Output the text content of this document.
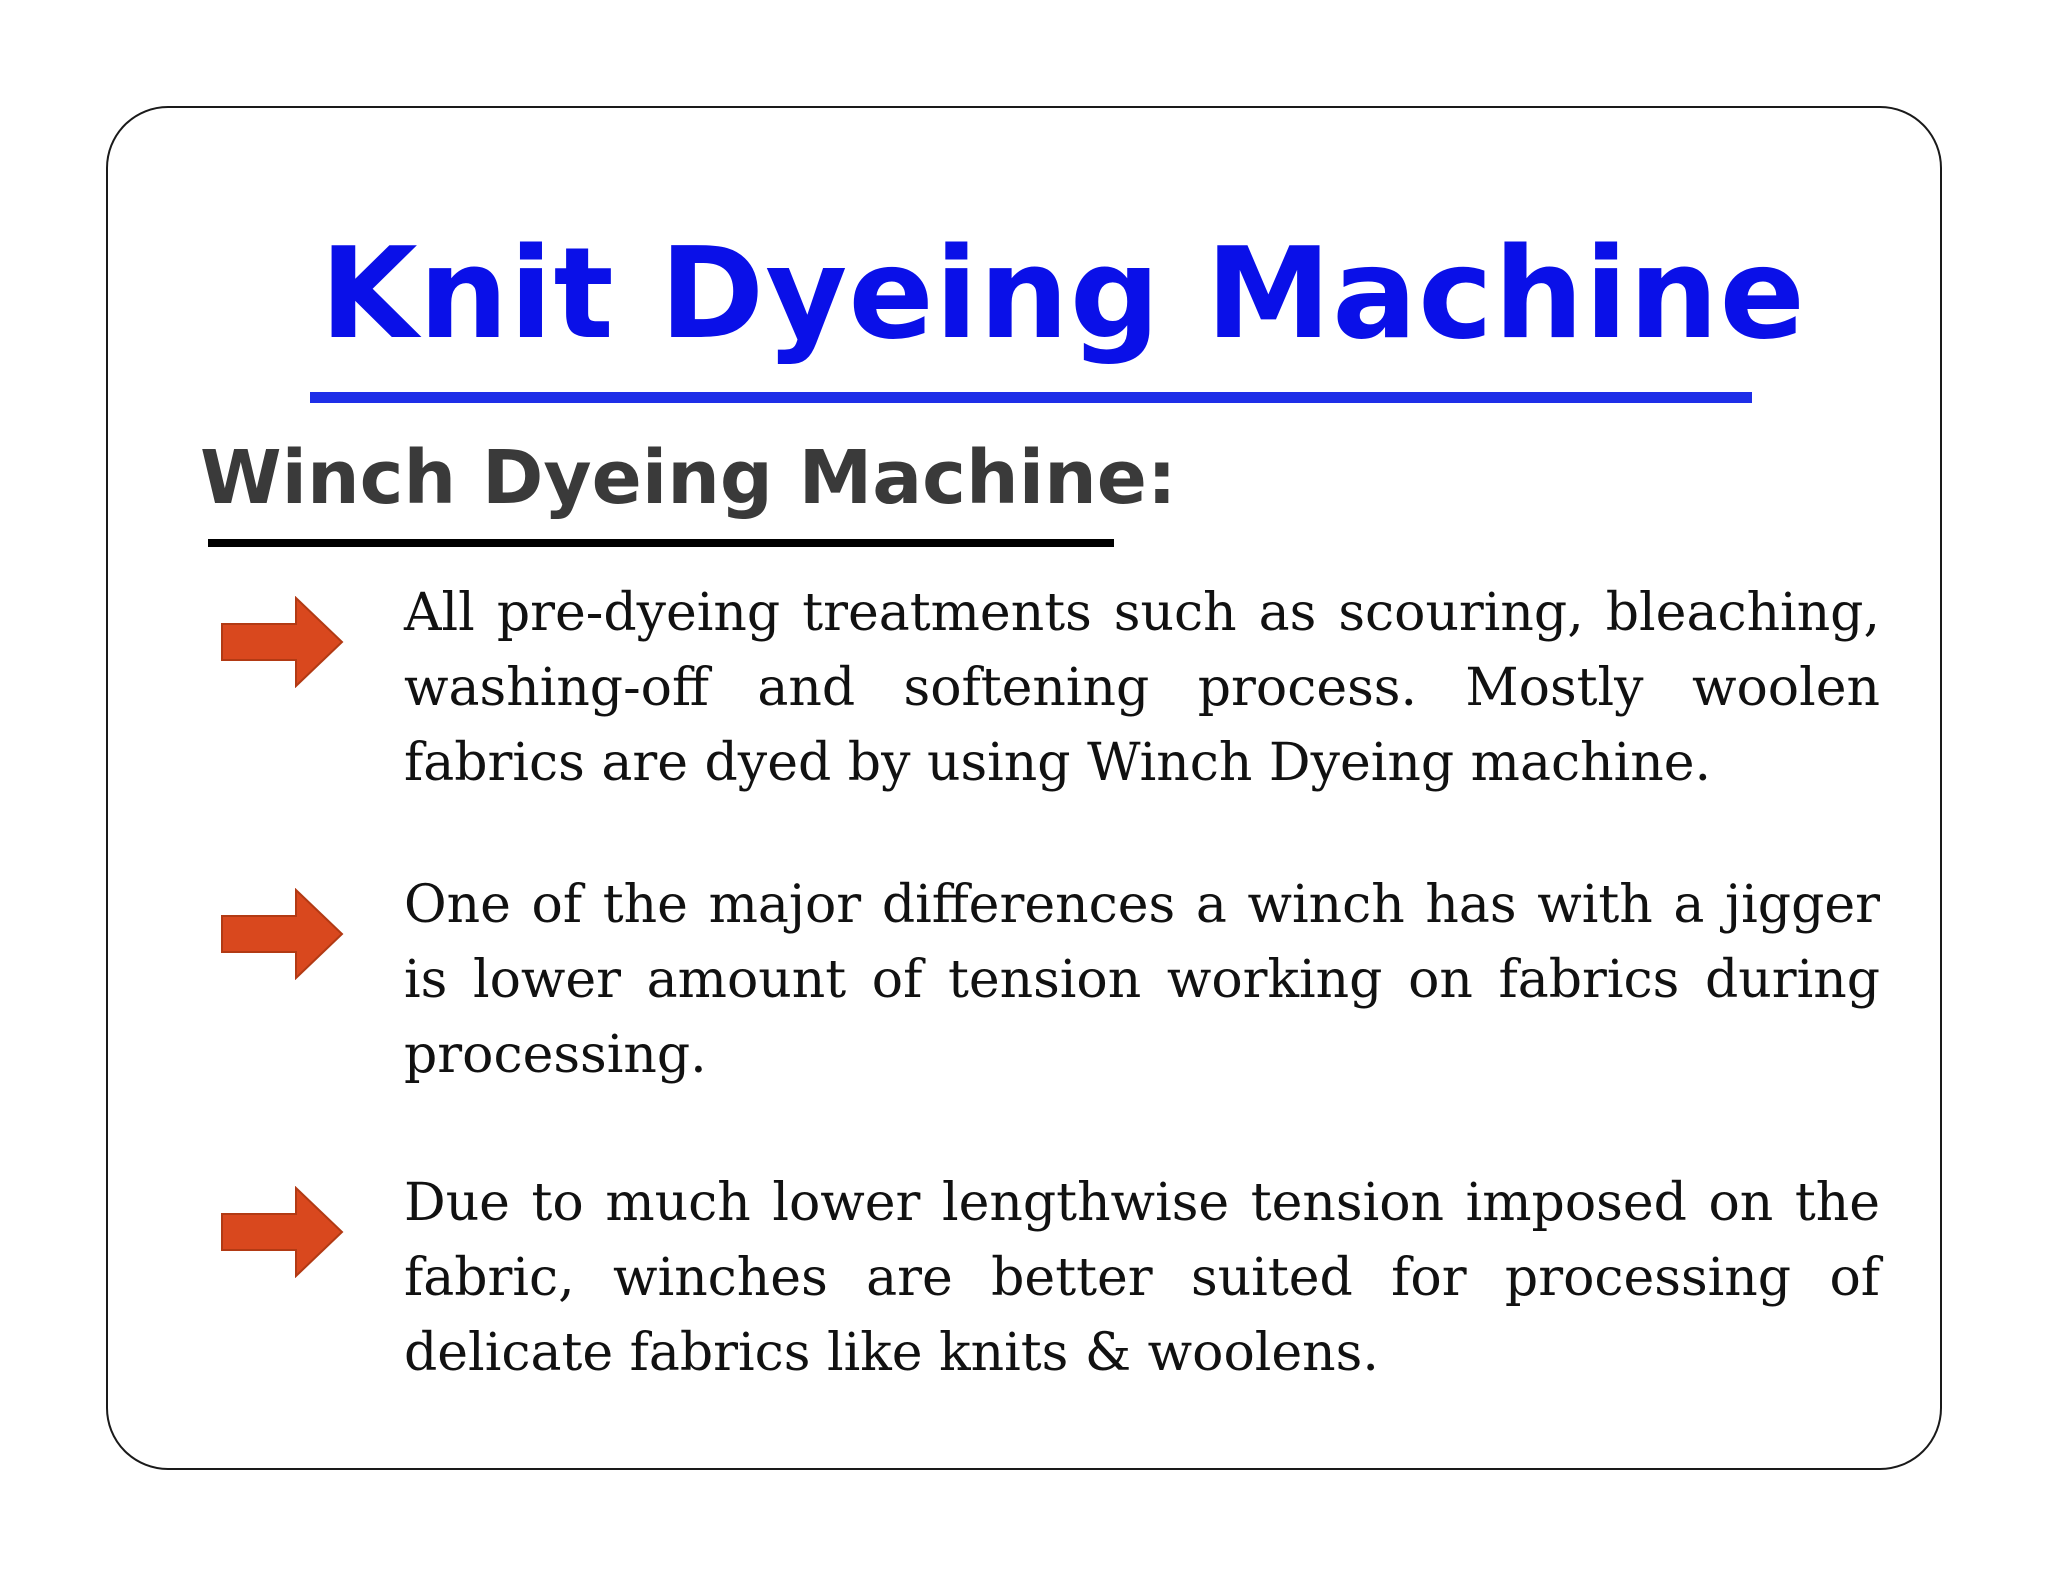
Knit Dyeing Machine
Winch Dyeing Machine:

All pre-dyeing treatments such as scouring, bleaching, washing-off and softening process. Mostly woolen fabrics are dyed by using Winch Dyeing machine.

One of the major differences a winch has with a jigger is lower amount of tension working on fabrics during processing.

Due to much lower lengthwise tension imposed on the fabric, winches are better suited for processing of delicate fabrics like knits & woolens.
